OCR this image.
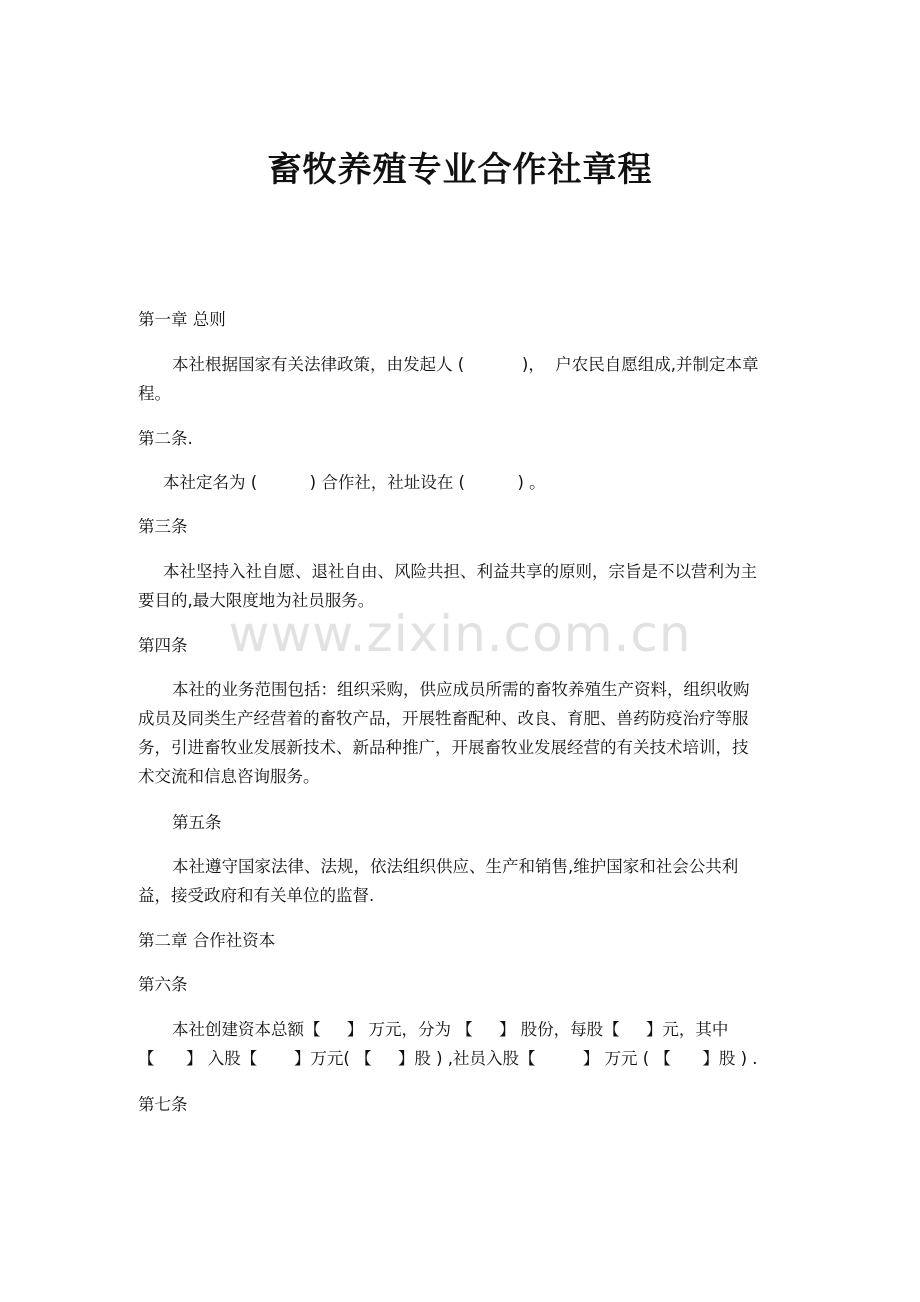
畜牧养殖专业合作社章程
www.zixin.com.cn

第一章 总则

本社根据国家有关法律政策，由发起人 (           )，  户农民自愿组成,并制定本章

程。

第二条.

本社定名为 (          ) 合作社，社址设在 (          ) 。

第三条

本社坚持入社自愿、退社自由、风险共担、利益共享的原则，宗旨是不以营利为主

要目的,最大限度地为社员服务。

第四条

本社的业务范围包括：组织采购，供应成员所需的畜牧养殖生产资料，组织收购

成员及同类生产经营着的畜牧产品，开展牲畜配种、改良、育肥、兽药防疫治疗等服

务，引进畜牧业发展新技术、新品种推广，开展畜牧业发展经营的有关技术培训，技

术交流和信息咨询服务。

第五条

本社遵守国家法律、法规，依法组织供应、生产和销售,维护国家和社会公共利

益，接受政府和有关单位的监督.

第二章 合作社资本

第六条

本社创建资本总额【     】 万元，分为 【     】 股份，每股【     】元，其中

【      】 入股【       】万元( 【     】股 ) ,社员入股【         】 万元 ( 【      】股 ) .

第七条
